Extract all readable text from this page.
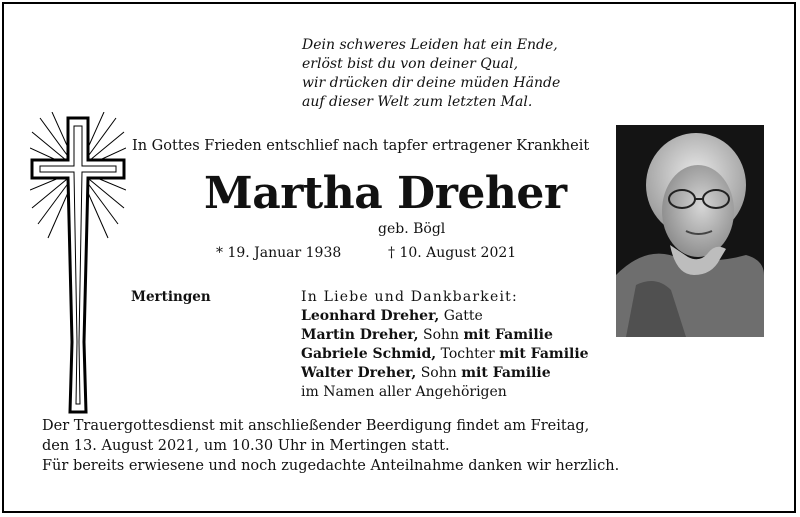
Dein schweres Leiden hat ein Ende,
erlöst bist du von deiner Qual,
wir drücken dir deine müden Hände
auf dieser Welt zum letzten Mal.
In Gottes Frieden entschlief nach tapfer ertragener Krankheit
Martha Dreher
geb. Bögl
* 19. Januar 1938	† 10. August 2021
Mertingen	In Liebe und Dankbarkeit:
Leonhard Dreher, Gatte
Martin Dreher, Sohn mit Familie
Gabriele Schmid, Tochter mit Familie
Walter Dreher, Sohn mit Familie
im Namen aller Angehörigen
Der Trauergottesdienst mit anschließender Beerdigung findet am Freitag,
den 13. August 2021, um 10.30 Uhr in Mertingen statt.
Für bereits erwiesene und noch zugedachte Anteilnahme danken wir herzlich.
